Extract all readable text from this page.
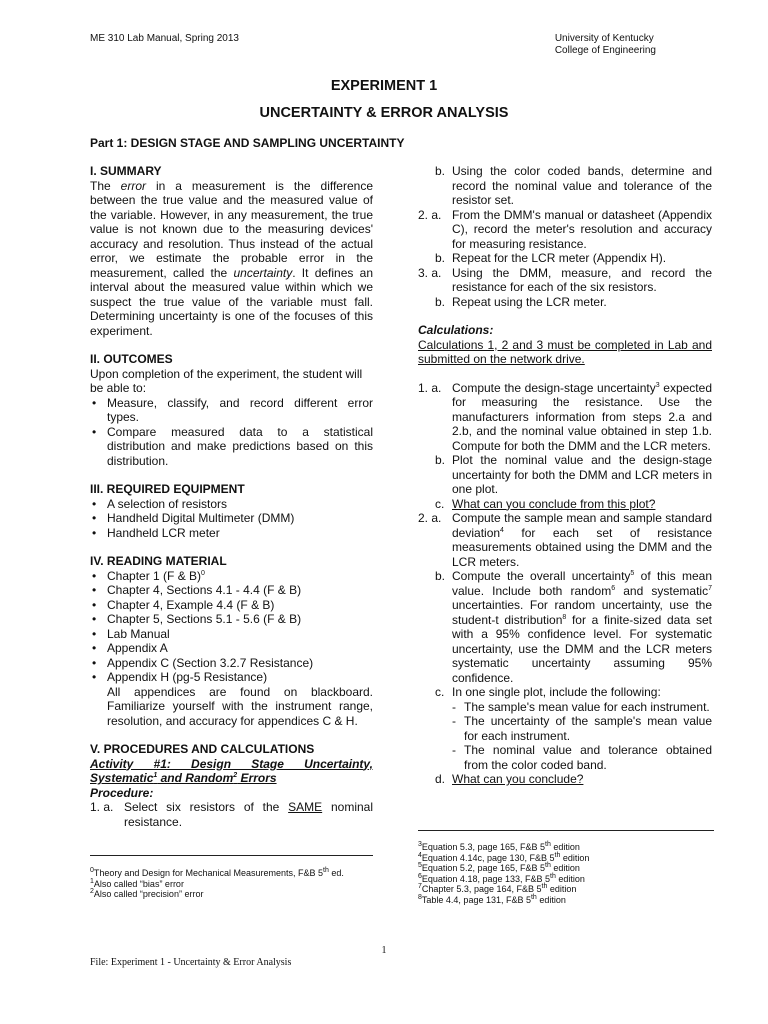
ME 310 Lab Manual, Spring 2013	University of Kentucky
College of Engineering
EXPERIMENT 1
UNCERTAINTY & ERROR ANALYSIS
Part 1: DESIGN STAGE AND SAMPLING UNCERTAINTY
I. SUMMARY

The error in a measurement is the difference between the true value and the measured value of the variable. However, in any measurement, the true value is not known due to the measuring devices' accuracy and resolution. Thus instead of the actual error, we estimate the probable error in the measurement, called the uncertainty. It defines an interval about the measured value within which we suspect the true value of the variable must fall. Determining uncertainty is one of the focuses of this experiment.

II. OUTCOMES

Upon completion of the experiment, the student will be able to:

• Measure, classify, and record different error types.
• Compare measured data to a statistical distribution and make predictions based on this distribution.
III. REQUIRED EQUIPMENT
• A selection of resistors
• Handheld Digital Multimeter (DMM)
• Handheld LCR meter
IV. READING MATERIAL
• Chapter 1 (F & B)$^0$
• Chapter 4, Sections 4.1 - 4.4 (F & B)
• Chapter 4, Example 4.4 (F & B)
• Chapter 5, Sections 5.1 - 5.6 (F & B)
• Lab Manual
• Appendix A
• Appendix C (Section 3.2.7 Resistance)
• Appendix H (pg-5 Resistance)

All appendices are found on blackboard. Familiarize yourself with the instrument range, resolution, and accuracy for appendices C & H.

V. PROCEDURES AND CALCULATIONS

Activity #1: Design Stage Uncertainty, Systematic$^1$ and Random$^2$ Errors

Procedure:

1. a. Select six resistors of the SAME nominal resistance.
b. Using the color coded bands, determine and record the nominal value and tolerance of the resistor set.
2. a. From the DMM's manual or datasheet (Appendix C), record the meter's resolution and accuracy for measuring resistance.
b. Repeat for the LCR meter (Appendix H).
3. a. Using the DMM, measure, and record the resistance for each of the six resistors.
b. Repeat using the LCR meter.

Calculations:

Calculations 1, 2 and 3 must be completed in Lab and submitted on the network drive.

1. a. Compute the design-stage uncertainty$^3$ expected for measuring the resistance. Use the manufacturers information from steps 2.a and 2.b, and the nominal value obtained in step 1.b. Compute for both the DMM and the LCR meters.
b. Plot the nominal value and the design-stage uncertainty for both the DMM and LCR meters in one plot.
c. What can you conclude from this plot?
2. a. Compute the sample mean and sample standard deviation$^4$ for each set of resistance measurements obtained using the DMM and the LCR meters.
b. Compute the overall uncertainty$^5$ of this mean value. Include both random$^6$ and systematic$^7$ uncertainties. For random uncertainty, use the student-t distribution$^8$ for a finite-sized data set with a 95% confidence level. For systematic uncertainty, use the DMM and the LCR meters systematic uncertainty assuming 95% confidence.
c. In one single plot, include the following:
- The sample's mean value for each instrument.
- The uncertainty of the sample's mean value for each instrument.
- The nominal value and tolerance obtained from the color coded band.
d. What can you conclude?
$^0$Theory and Design for Mechanical Measurements, F&B 5th ed.
$^1$Also called “bias” error
$^2$Also called “precision” error
$^3$Equation 5.3, page 165, F&B 5th edition
$^4$Equation 4.14c, page 130, F&B 5th edition
$^5$Equation 5.2, page 165, F&B 5th edition
$^6$Equation 4.18, page 133, F&B 5th edition
$^7$Chapter 5.3, page 164, F&B 5th edition
$^8$Table 4.4, page 131, F&B 5th edition
1
File: Experiment 1 - Uncertainty & Error Analysis
